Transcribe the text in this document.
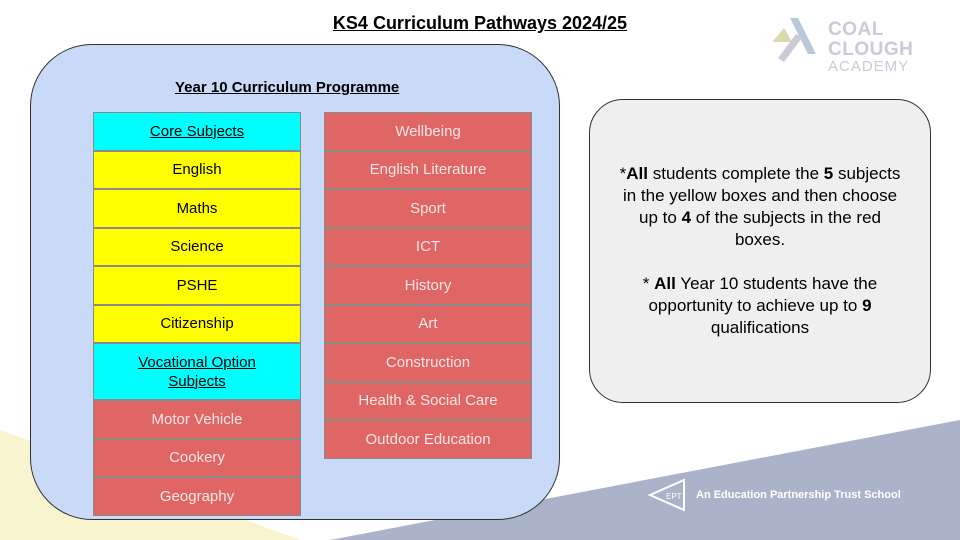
KS4 Curriculum Pathways 2024/25	COAL CLOUGH
ACADEMY
Year 10 Curriculum Programme
Core Subjects
English
Maths
Science
PSHE
Citizenship
Vocational Option Subjects
Motor Vehicle
Cookery
Geography
Wellbeing
English Literature
Sport
ICT
History
Art
Construction
Health & Social Care
Outdoor Education

*All students complete the 5 subjects in the yellow boxes and then choose up to 4 of the subjects in the red boxes.

* All Year 10 students have the opportunity to achieve up to 9 qualifications

EPT An Education Partnership Trust School
